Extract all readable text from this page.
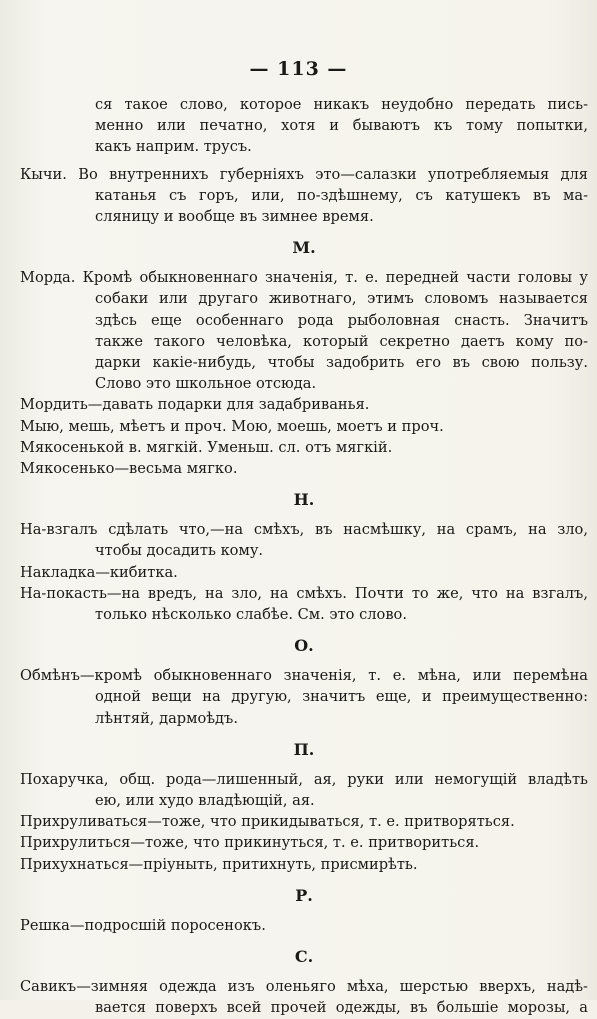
— 113 —

ся такое слово, которое никакъ неудобно передать пись-
менно или печатно, хотя и бываютъ къ тому попытки,
какъ наприм. трусъ.

Кычи. Во внутреннихъ губерніяхъ это—салазки употребляемыя для
катанья съ горъ, или, по-здѣшнему, съ катушекъ въ ма-
сляницу и вообще въ зимнее время.

М.

Морда. Кромѣ обыкновеннаго значенія, т. е. передней части головы у
собаки или другаго животнаго, этимъ словомъ называется
здѣсь еще особеннаго рода рыболовная снасть. Значитъ
также такого человѣка, который секретно даетъ кому по-
дарки какіе-нибудь, чтобы задобрить его въ свою пользу.
Слово это школьное отсюда.

Мордить—давать подарки для задабриванья.

Мыю, мешь, мѣетъ и проч. Мою, моешь, моетъ и проч.

Мякосенькой в. мягкій. Уменьш. сл. отъ мягкій.

Мякосенько—весьма мягко.

Н.

На-взгалъ сдѣлать что,—на смѣхъ, въ насмѣшку, на срамъ, на зло,
чтобы досадить кому.

Накладка—кибитка.

На-покасть—на вредъ, на зло, на смѣхъ. Почти то же, что на взгалъ,
только нѣсколько слабѣе. См. это слово.

О.

Обмѣнъ—кромѣ обыкновеннаго значенія, т. е. мѣна, или перемѣна
одной вещи на другую, значитъ еще, и преимущественно:
лѣнтяй, дармоѣдъ.

П.

Похаручка, общ. рода—лишенный, ая, руки или немогущій владѣть
ею, или худо владѣющій, ая.

Прихруливаться—тоже, что прикидываться, т. е. притворяться.

Прихрулиться—тоже, что прикинуться, т. е. притвориться.

Прихухнаться—пріуныть, притихнуть, присмирѣть.

Р.

Решка—подросшій поросенокъ.

С.

Савикъ—зимняя одежда изъ оленьяго мѣха, шерстью вверхъ, надѣ-
вается поверхъ всей прочей одежды, въ большіе морозы, а
